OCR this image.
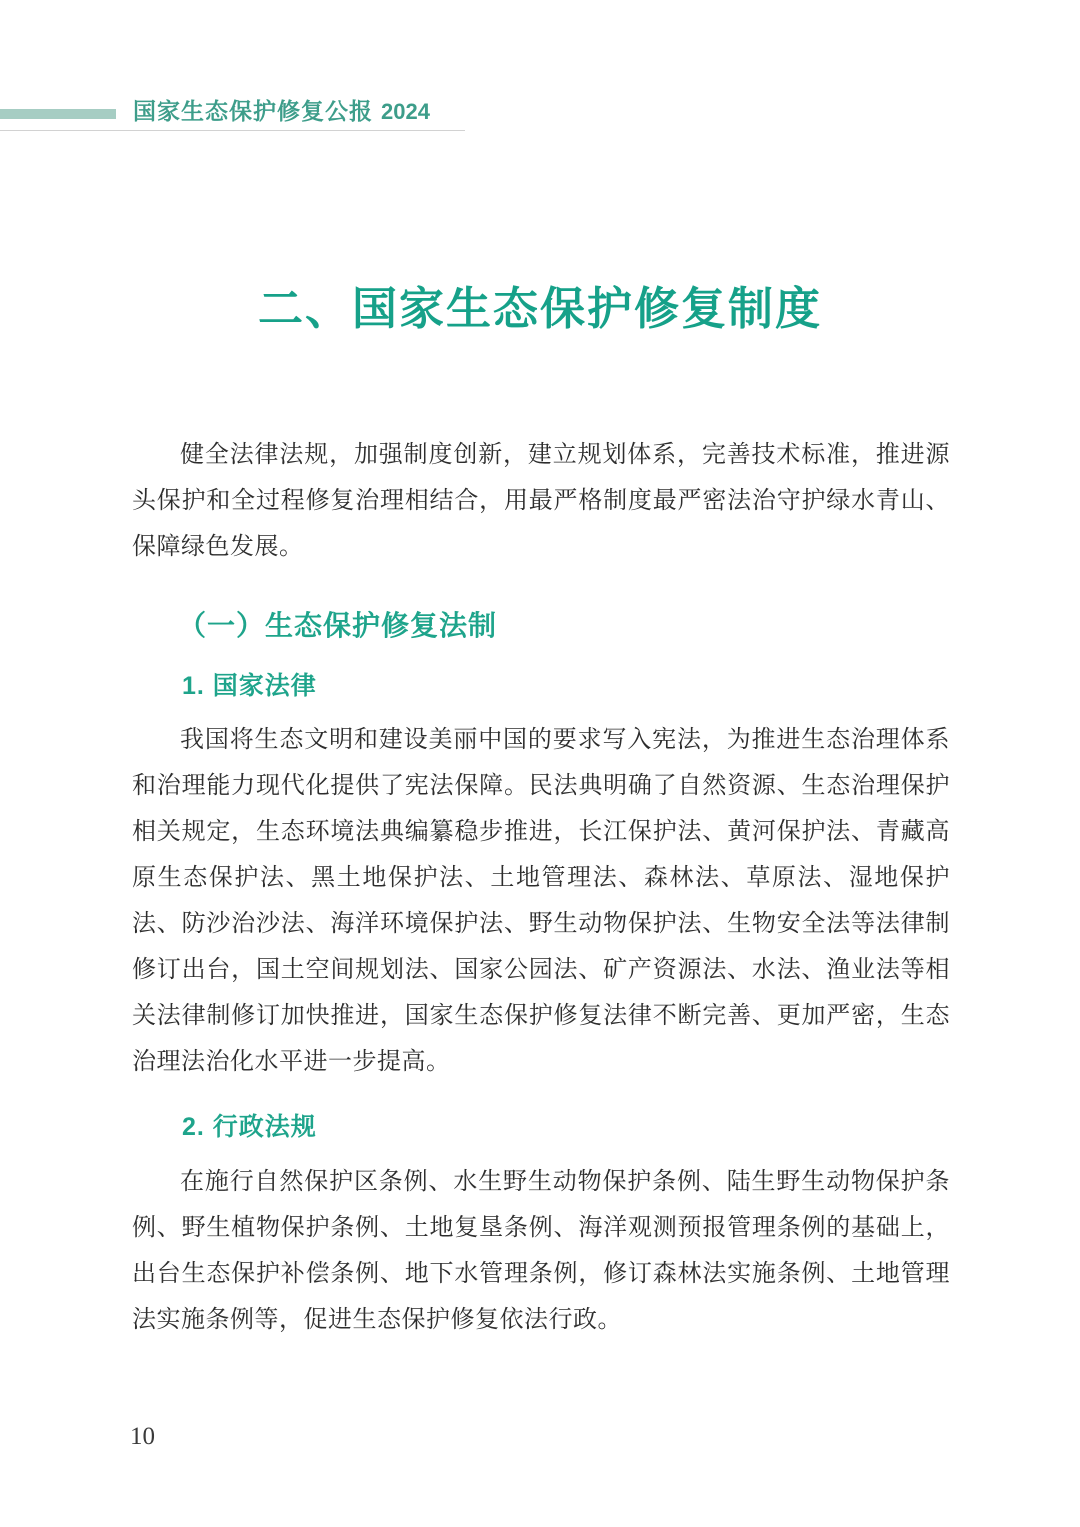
国家生态保护修复公报 2024
二、国家生态保护修复制度

健全法律法规，加强制度创新，建立规划体系，完善技术标准，推进源头保护和全过程修复治理相结合，用最严格制度最严密法治守护绿水青山、保障绿色发展。

（一）生态保护修复法制
1. 国家法律

我国将生态文明和建设美丽中国的要求写入宪法，为推进生态治理体系和治理能力现代化提供了宪法保障。民法典明确了自然资源、生态治理保护相关规定，生态环境法典编纂稳步推进，长江保护法、黄河保护法、青藏高原生态保护法、黑土地保护法、土地管理法、森林法、草原法、湿地保护法、防沙治沙法、海洋环境保护法、野生动物保护法、生物安全法等法律制修订出台，国土空间规划法、国家公园法、矿产资源法、水法、渔业法等相关法律制修订加快推进，国家生态保护修复法律不断完善、更加严密，生态治理法治化水平进一步提高。

2. 行政法规

在施行自然保护区条例、水生野生动物保护条例、陆生野生动物保护条例、野生植物保护条例、土地复垦条例、海洋观测预报管理条例的基础上，出台生态保护补偿条例、地下水管理条例，修订森林法实施条例、土地管理法实施条例等，促进生态保护修复依法行政。

10
